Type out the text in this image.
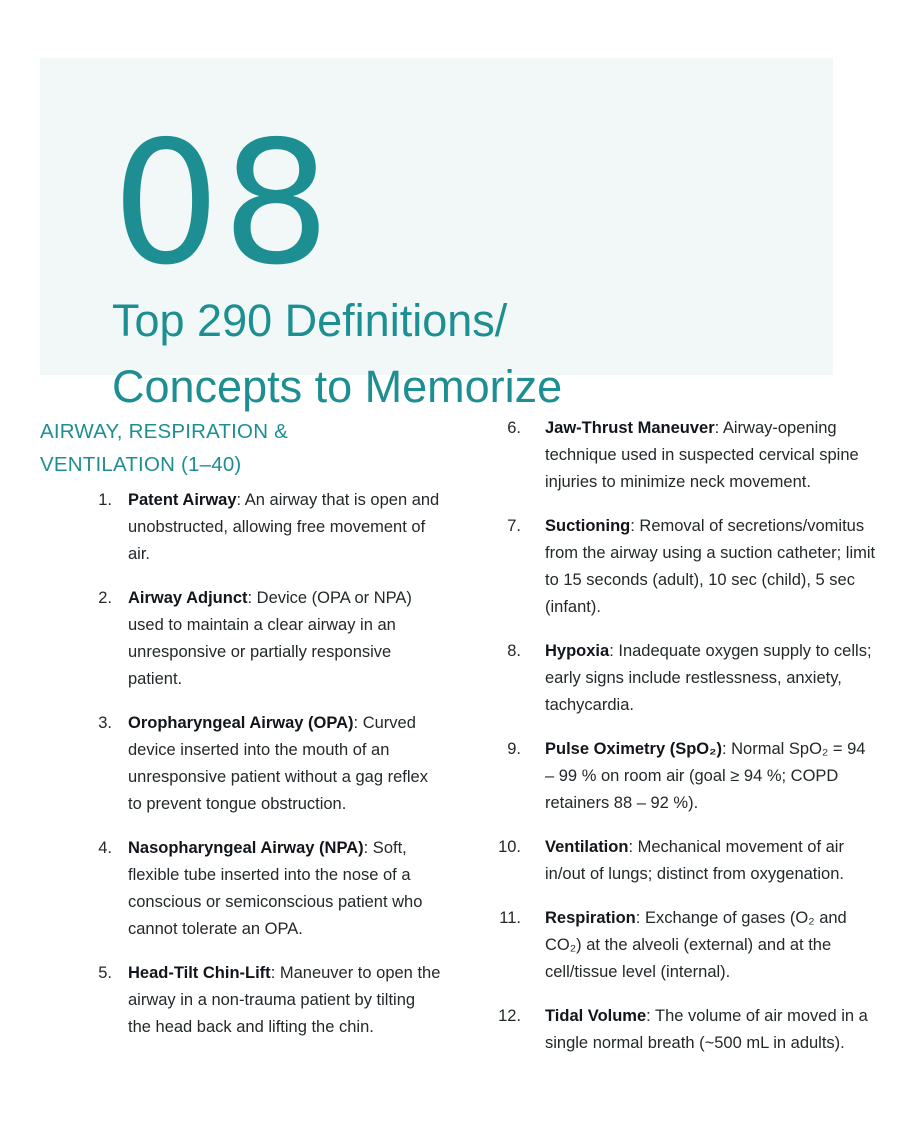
08
Top 290 Definitions/
Concepts to Memorize
AIRWAY, RESPIRATION &
VENTILATION (1–40)
1. Patent Airway: An airway that is open and unobstructed, allowing free movement of air.
2. Airway Adjunct: Device (OPA or NPA) used to maintain a clear airway in an unresponsive or partially responsive patient.
3. Oropharyngeal Airway (OPA): Curved device inserted into the mouth of an unresponsive patient without a gag reflex to prevent tongue obstruction.
4. Nasopharyngeal Airway (NPA): Soft, flexible tube inserted into the nose of a conscious or semiconscious patient who cannot tolerate an OPA.
5. Head-Tilt Chin-Lift: Maneuver to open the airway in a non-trauma patient by tilting the head back and lifting the chin.
6. Jaw-Thrust Maneuver: Airway-opening technique used in suspected cervical spine injuries to minimize neck movement.
7. Suctioning: Removal of secretions/vomitus from the airway using a suction catheter; limit to 15 seconds (adult), 10 sec (child), 5 sec (infant).
8. Hypoxia: Inadequate oxygen supply to cells; early signs include restlessness, anxiety, tachycardia.
9. Pulse Oximetry (SpO₂): Normal SpO₂ = 94 – 99 % on room air (goal ≥ 94 %; COPD retainers 88 – 92 %).
10. Ventilation: Mechanical movement of air in/out of lungs; distinct from oxygenation.
11. Respiration: Exchange of gases (O₂ and CO₂) at the alveoli (external) and at the cell/tissue level (internal).
12. Tidal Volume: The volume of air moved in a single normal breath (~500 mL in adults).
